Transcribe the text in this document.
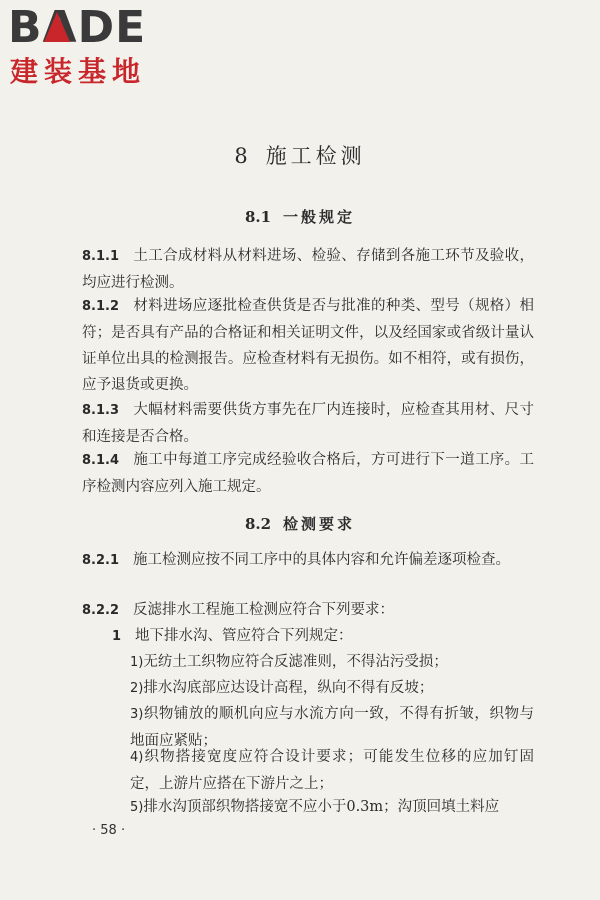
BADE
建装基地
8 施工检测
8.1 一般规定
8.1.1 土工合成材料从材料进场、检验、存储到各施工环节及验收，均应进行检测。
8.1.2 材料进场应逐批检查供货是否与批准的种类、型号（规格）相符；是否具有产品的合格证和相关证明文件，以及经国家或省级计量认证单位出具的检测报告。应检查材料有无损伤。如不相符，或有损伤，应予退货或更换。
8.1.3 大幅材料需要供货方事先在厂内连接时，应检查其用材、尺寸和连接是否合格。
8.1.4 施工中每道工序完成经验收合格后，方可进行下一道工序。工序检测内容应列入施工规定。
8.2 检测要求
8.2.1 施工检测应按不同工序中的具体内容和允许偏差逐项检查。
8.2.2 反滤排水工程施工检测应符合下列要求：
1 地下排水沟、管应符合下列规定：
1)无纺土工织物应符合反滤准则，不得沾污受损；
2)排水沟底部应达设计高程，纵向不得有反坡；
3)织物铺放的顺机向应与水流方向一致，不得有折皱，织物与地面应紧贴；
4)织物搭接宽度应符合设计要求；可能发生位移的应加钉固定，上游片应搭在下游片之上；
5)排水沟顶部织物搭接宽不应小于0.3m；沟顶回填土料应
· 58 ·
